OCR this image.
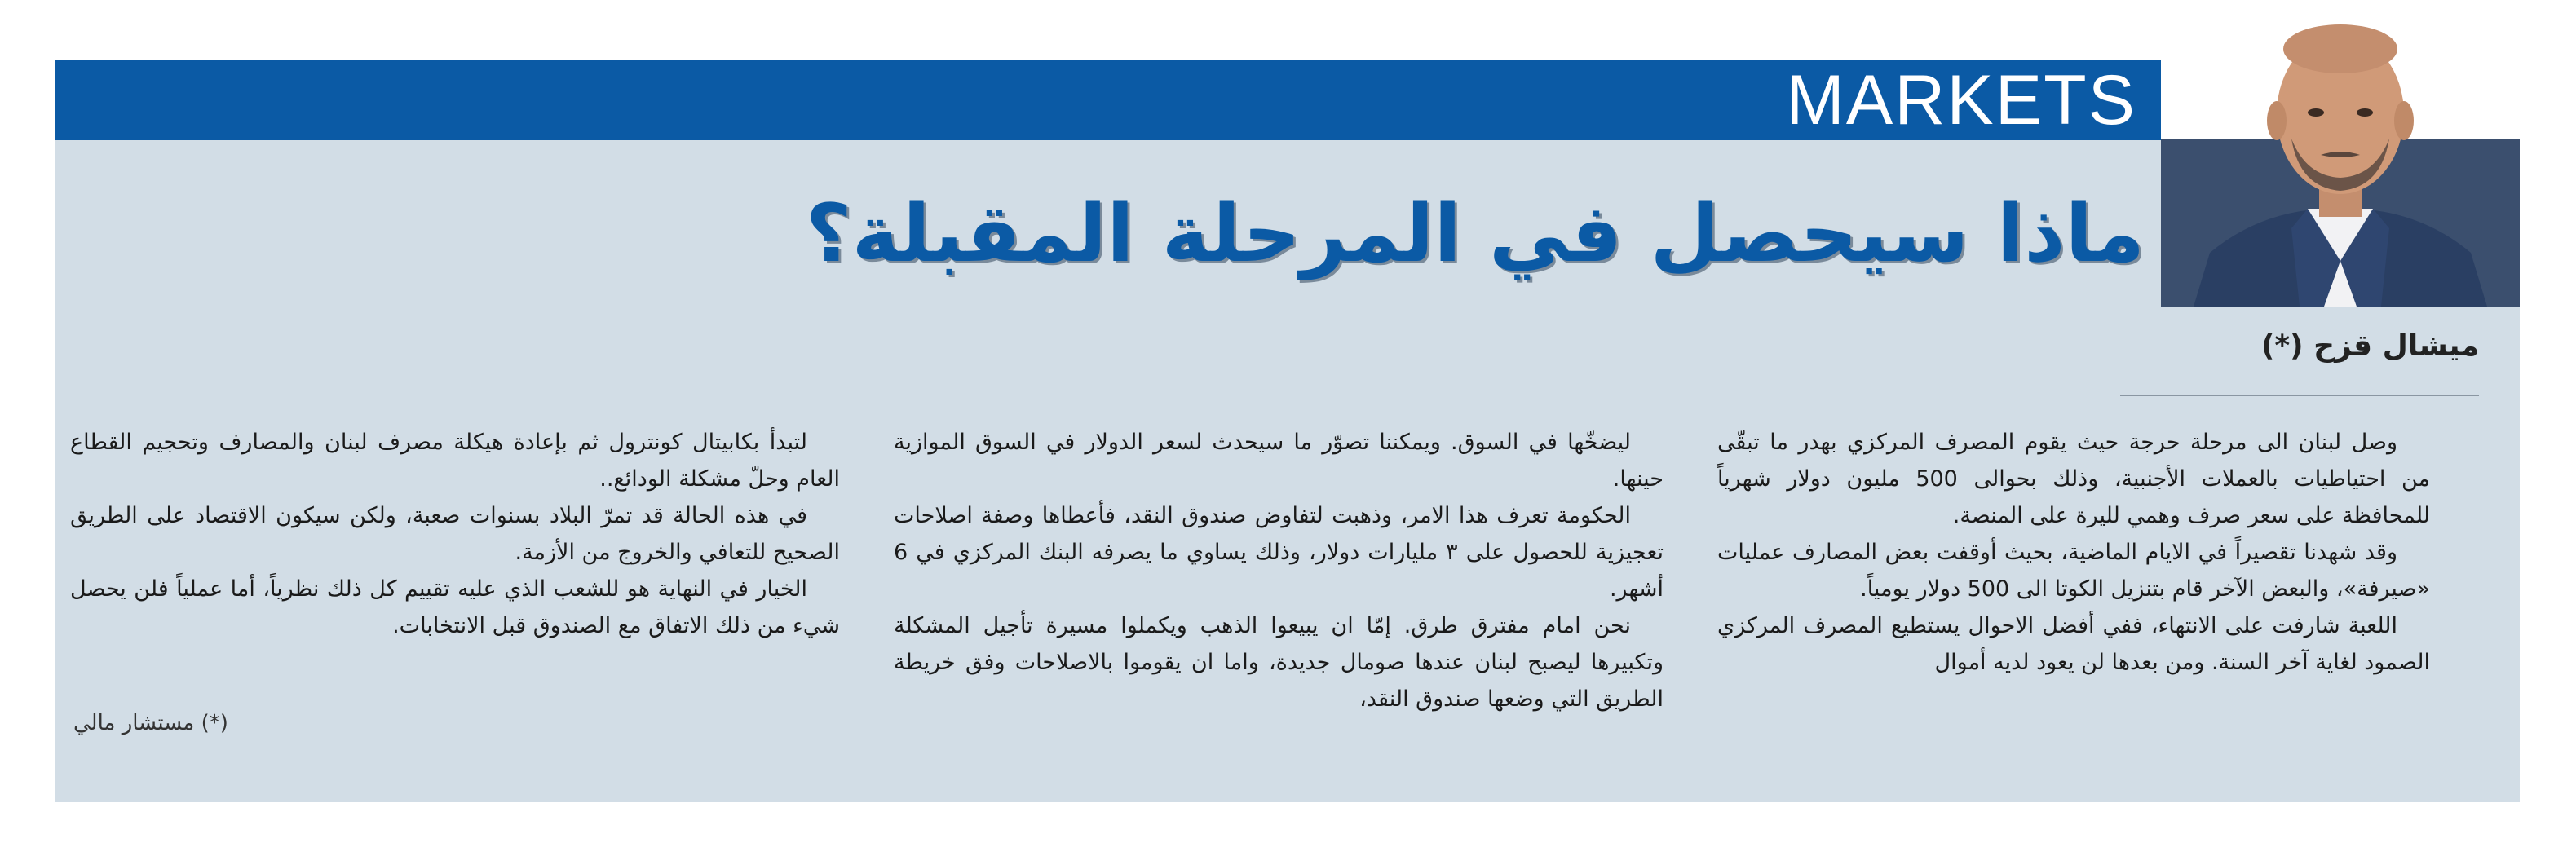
MARKETS
ماذا سيحصل في المرحلة المقبلة؟
ميشال قزح (*)

وصل لبنان الى مرحلة حرجة حيث يقوم المصرف المركزي بهدر ما تبقّى من احتياطيات بالعملات الأجنبية، وذلك بحوالى 500 مليون دولار شهرياً للمحافظة على سعر صرف وهمي لليرة على المنصة.

وقد شهدنا تقصيراً في الايام الماضية، بحيث أوقفت بعض المصارف عمليات «صيرفة»، والبعض الآخر قام بتنزيل الكوتا الى 500 دولار يومياً.

اللعبة شارفت على الانتهاء، ففي أفضل الاحوال يستطيع المصرف المركزي الصمود لغاية آخر السنة. ومن بعدها لن يعود لديه أموال

ليضخّها في السوق. ويمكننا تصوّر ما سيحدث لسعر الدولار في السوق الموازية حينها.

الحكومة تعرف هذا الامر، وذهبت لتفاوض صندوق النقد، فأعطاها وصفة اصلاحات تعجيزية للحصول على ٣ مليارات دولار، وذلك يساوي ما يصرفه البنك المركزي في 6 أشهر.

نحن امام مفترق طرق. إمّا ان يبيعوا الذهب ويكملوا مسيرة تأجيل المشكلة وتكبيرها ليصبح لبنان عندها صومال جديدة، واما ان يقوموا بالاصلاحات وفق خريطة الطريق التي وضعها صندوق النقد،

لتبدأ بكابيتال كونترول ثم بإعادة هيكلة مصرف لبنان والمصارف وتحجيم القطاع العام وحلّ مشكلة الودائع..

في هذه الحالة قد تمرّ البلاد بسنوات صعبة، ولكن سيكون الاقتصاد على الطريق الصحيح للتعافي والخروج من الأزمة.

الخيار في النهاية هو للشعب الذي عليه تقييم كل ذلك نظرياً، أما عملياً فلن يحصل شيء من ذلك الاتفاق مع الصندوق قبل الانتخابات.

(*) مستشار مالي
